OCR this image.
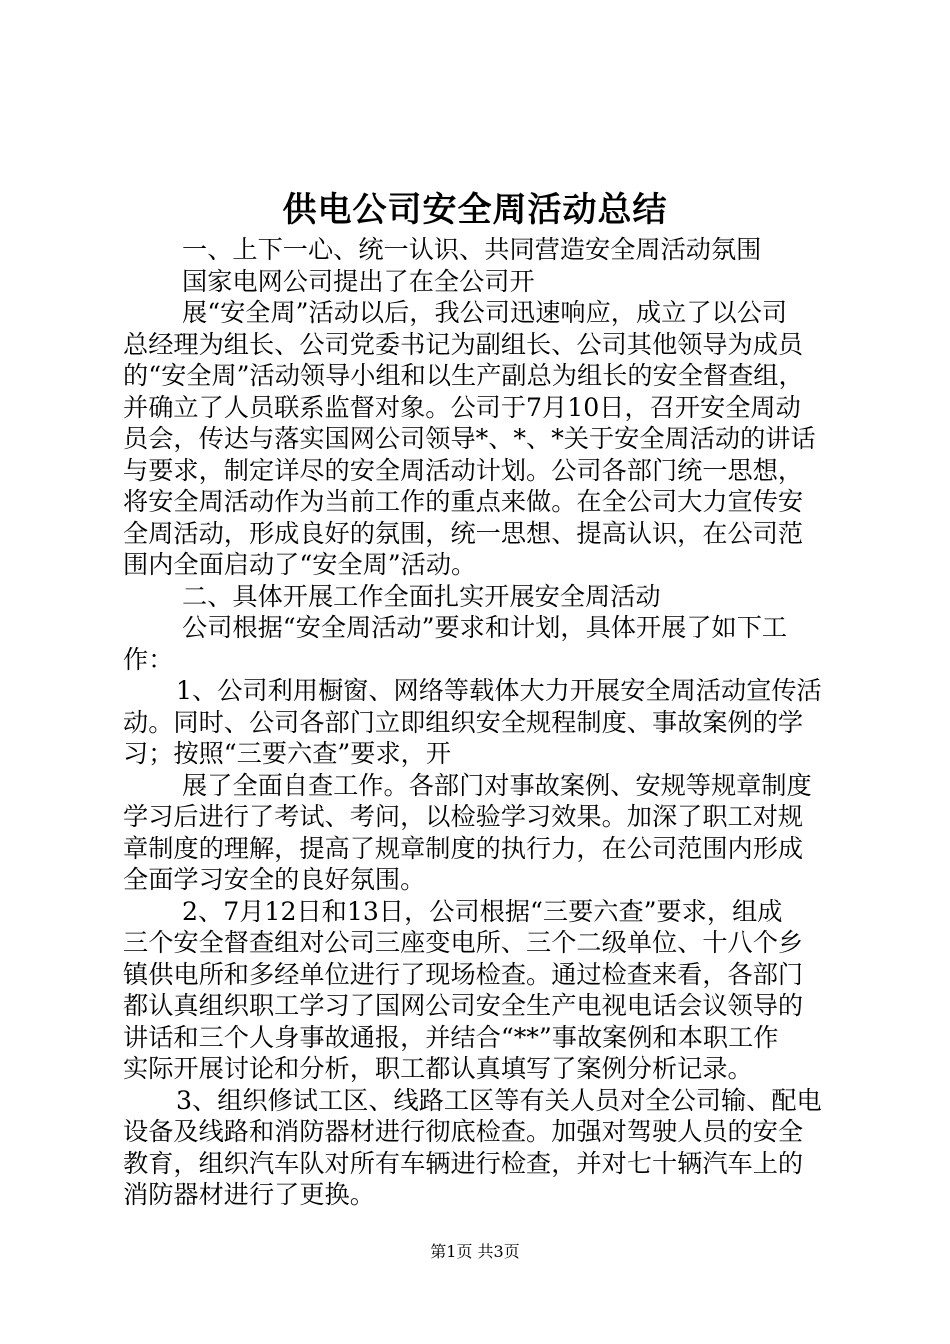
供电公司安全周活动总结
一、上下一心、统一认识、共同营造安全周活动氛围
国家电网公司提出了在全公司开
展“安全周”活动以后，我公司迅速响应，成立了以公司
总经理为组长、公司党委书记为副组长、公司其他领导为成员
的“安全周”活动领导小组和以生产副总为组长的安全督查组，
并确立了人员联系监督对象。公司于7月10日，召开安全周动
员会，传达与落实国网公司领导*、*、*关于安全周活动的讲话
与要求，制定详尽的安全周活动计划。公司各部门统一思想，
将安全周活动作为当前工作的重点来做。在全公司大力宣传安
全周活动，形成良好的氛围，统一思想、提高认识，在公司范
围内全面启动了“安全周”活动。
二、具体开展工作全面扎实开展安全周活动
公司根据“安全周活动”要求和计划，具体开展了如下工
作：
1、公司利用橱窗、网络等载体大力开展安全周活动宣传活
动。同时、公司各部门立即组织安全规程制度、事故案例的学
习；按照“三要六查”要求，开
展了全面自查工作。各部门对事故案例、安规等规章制度
学习后进行了考试、考问，以检验学习效果。加深了职工对规
章制度的理解，提高了规章制度的执行力，在公司范围内形成
全面学习安全的良好氛围。
2、7月12日和13日，公司根据“三要六查”要求，组成
三个安全督查组对公司三座变电所、三个二级单位、十八个乡
镇供电所和多经单位进行了现场检查。通过检查来看，各部门
都认真组织职工学习了国网公司安全生产电视电话会议领导的
讲话和三个人身事故通报，并结合“**”事故案例和本职工作
实际开展讨论和分析，职工都认真填写了案例分析记录。
3、组织修试工区、线路工区等有关人员对全公司输、配电
设备及线路和消防器材进行彻底检查。加强对驾驶人员的安全
教育，组织汽车队对所有车辆进行检查，并对七十辆汽车上的
消防器材进行了更换。
第1页 共3页
